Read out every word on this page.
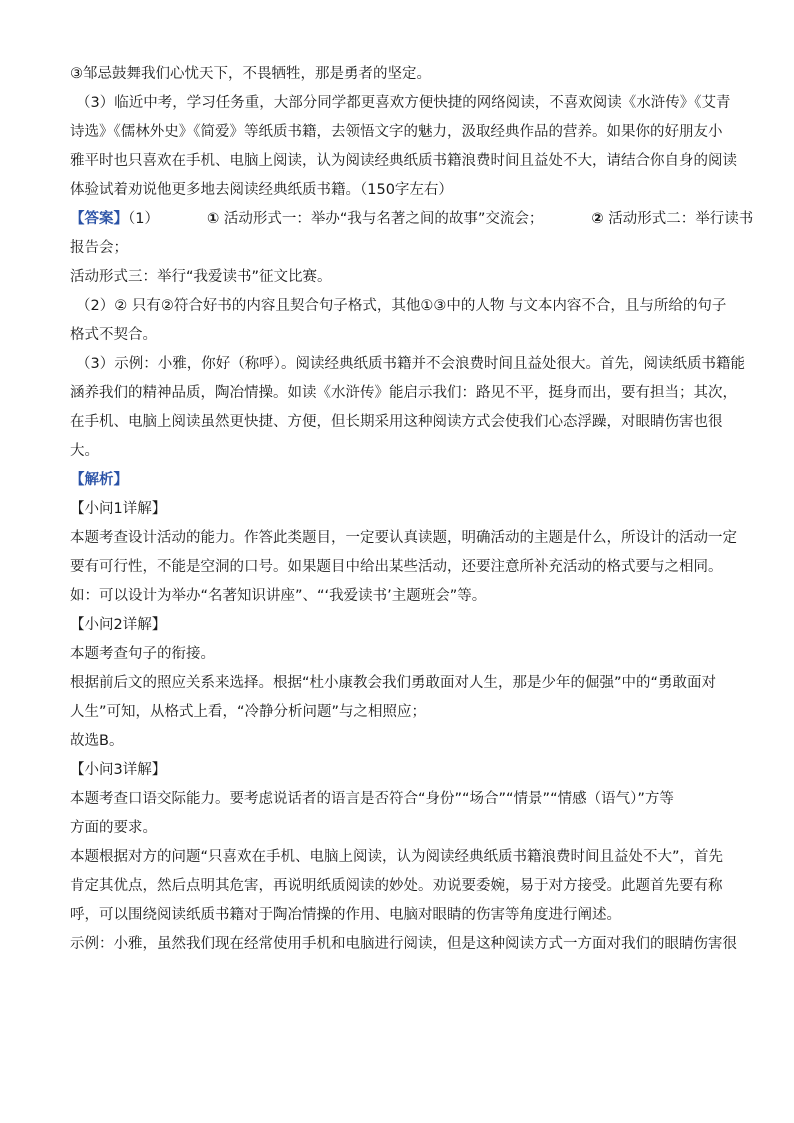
③邹忌鼓舞我们心忧天下，不畏牺牲，那是勇者的坚定。
（3）临近中考，学习任务重，大部分同学都更喜欢方便快捷的网络阅读，不喜欢阅读《水浒传》《艾青
诗选》《儒林外史》《简爱》等纸质书籍，去领悟文字的魅力，汲取经典作品的营养。如果你的好朋友小
雅平时也只喜欢在手机、电脑上阅读，认为阅读经典纸质书籍浪费时间且益处不大，请结合你自身的阅读
体验试着劝说他更多地去阅读经典纸质书籍。（150字左右）
【答案】（1）	① 活动形式一：举办“我与名著之间的故事”交流会；	② 活动形式二：举行读书
报告会；
活动形式三：举行“我爱读书”征文比赛。
（2）② 只有②符合好书的内容且契合句子格式，其他①③中的人物 与文本内容不合，且与所给的句子
格式不契合。
（3）示例：小雅，你好（称呼）。阅读经典纸质书籍并不会浪费时间且益处很大。首先，阅读纸质书籍能
涵养我们的精神品质，陶冶情操。如读《水浒传》能启示我们：路见不平，挺身而出，要有担当；其次，
在手机、电脑上阅读虽然更快捷、方便，但长期采用这种阅读方式会使我们心态浮躁，对眼睛伤害也很
大。
【解析】
【小问1详解】
本题考查设计活动的能力。作答此类题目，一定要认真读题，明确活动的主题是什么，所设计的活动一定
要有可行性，不能是空洞的口号。如果题目中给出某些活动，还要注意所补充活动的格式要与之相同。
如：可以设计为举办“名著知识讲座”、“‘我爱读书’主题班会”等。
【小问2详解】
本题考查句子的衔接。
根据前后文的照应关系来选择。根据“杜小康教会我们勇敢面对人生，那是少年的倔强”中的“勇敢面对
人生”可知，从格式上看，“冷静分析问题”与之相照应；
故选B。
【小问3详解】
本题考查口语交际能力。要考虑说话者的语言是否符合“身份”“场合”“情景”“情感（语气）”方等
方面的要求。
本题根据对方的问题“只喜欢在手机、电脑上阅读，认为阅读经典纸质书籍浪费时间且益处不大”，首先
肯定其优点，然后点明其危害，再说明纸质阅读的妙处。劝说要委婉，易于对方接受。此题首先要有称
呼，可以围绕阅读纸质书籍对于陶冶情操的作用、电脑对眼睛的伤害等角度进行阐述。
示例：小雅，虽然我们现在经常使用手机和电脑进行阅读，但是这种阅读方式一方面对我们的眼睛伤害很
